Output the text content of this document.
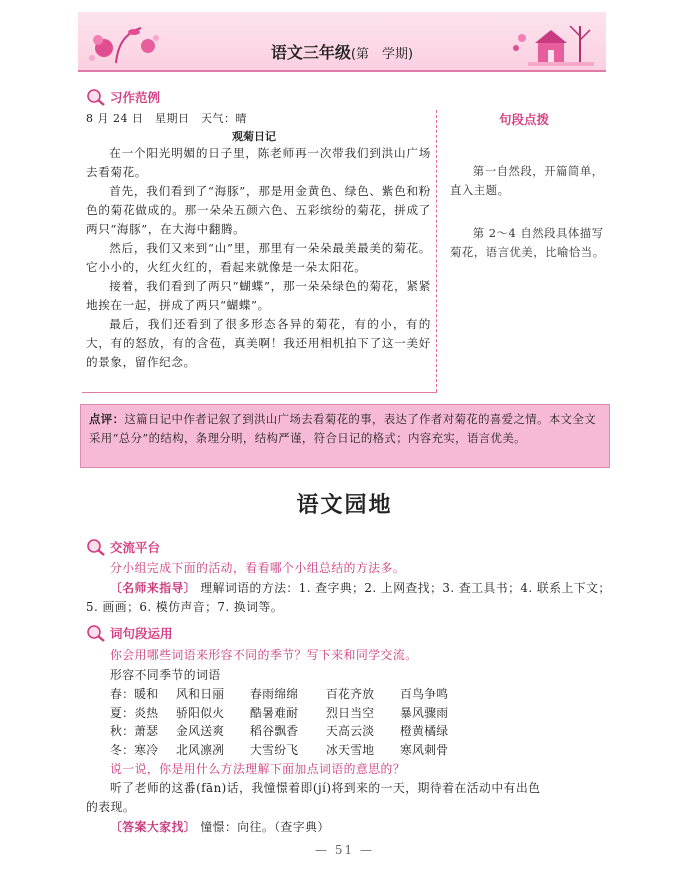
语文三年级(第　学期)
习作范例
8 月 24 日　星期日　天气：晴
观菊日记

在一个阳光明媚的日子里，陈老师再一次带我们到洪山广场去看菊花。

首先，我们看到了“海豚”，那是用金黄色、绿色、紫色和粉色的菊花做成的。那一朵朵五颜六色、五彩缤纷的菊花，拼成了两只“海豚”，在大海中翻腾。

然后，我们又来到“山”里，那里有一朵朵最美最美的菊花。它小小的，火红火红的，看起来就像是一朵太阳花。

接着，我们看到了两只“蝴蝶”，那一朵朵绿色的菊花，紧紧地挨在一起，拼成了两只“蝴蝶”。

最后，我们还看到了很多形态各异的菊花，有的小，有的大，有的怒放，有的含苞，真美啊！我还用相机拍下了这一美好的景象，留作纪念。

句段点拨

第一自然段，开篇简单，直入主题。

第 2～4 自然段具体描写菊花，语言优美，比喻恰当。

点评：这篇日记中作者记叙了到洪山广场去看菊花的事，表达了作者对菊花的喜爱之情。本文全文采用“总分”的结构，条理分明，结构严谨，符合日记的格式；内容充实，语言优美。
语文园地
交流平台
分小组完成下面的活动，看看哪个小组总结的方法多。
〔名师来指导〕 理解词语的方法：1. 查字典；2. 上网查找；3. 查工具书；4. 联系上下文；5. 画画；6. 模仿声音；7. 换词等。
词句段运用
你会用哪些词语来形容不同的季节？写下来和同学交流。
形容不同季节的词语
春：暖和	风和日丽	春雨绵绵	百花齐放	百鸟争鸣
夏：炎热	骄阳似火	酷暑难耐	烈日当空	暴风骤雨
秋：萧瑟	金风送爽	稻谷飘香	天高云淡	橙黄橘绿
冬：寒冷	北风凛冽	大雪纷飞	冰天雪地	寒风刺骨
说一说，你是用什么方法理解下面加点词语的意思的？
听了老师的这番(fān)话，我憧憬着即(jí)将到来的一天，期待着在活动中有出色
的表现。
〔答案大家找〕 憧憬：向往。（查字典）
— 51 —
